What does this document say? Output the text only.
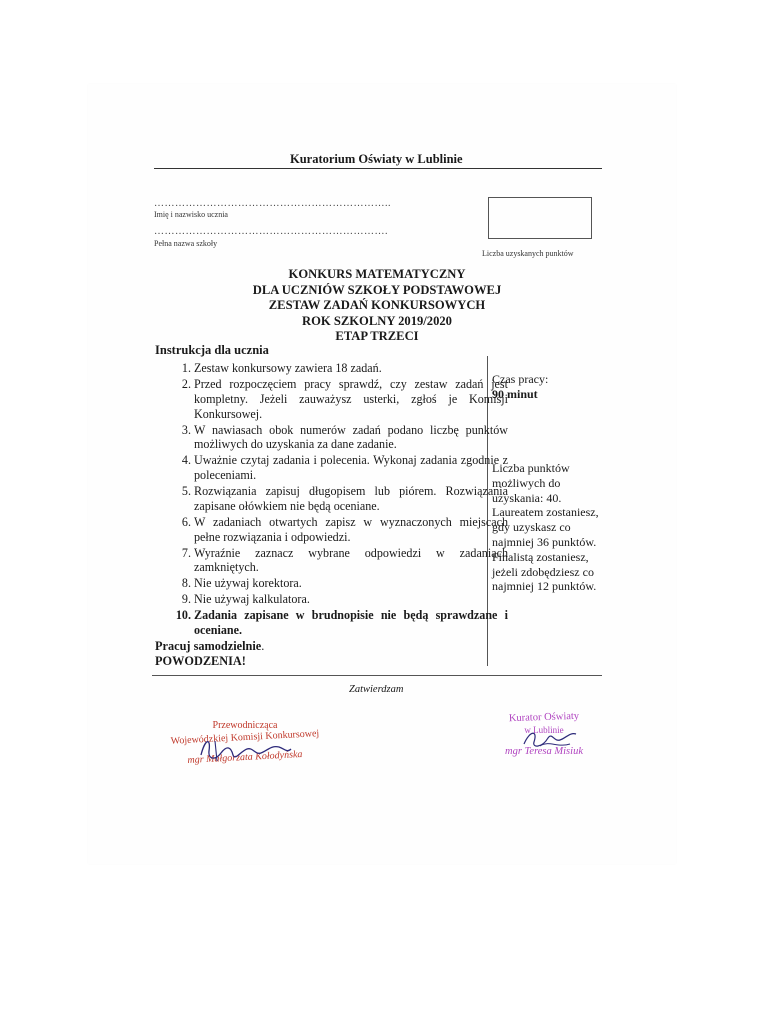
Kuratorium Oświaty w Lublinie
…………………………………………………………..
Imię i nazwisko ucznia
………………………………………………………….
Pełna nazwa szkoły
Liczba uzyskanych punktów
KONKURS MATEMATYCZNY
DLA UCZNIÓW SZKOŁY PODSTAWOWEJ
ZESTAW ZADAŃ KONKURSOWYCH
ROK SZKOLNY 2019/2020
ETAP TRZECI
Instrukcja dla ucznia
1. Zestaw konkursowy zawiera 18 zadań.
2. Przed rozpoczęciem pracy sprawdź, czy zestaw zadań jest kompletny. Jeżeli zauważysz usterki, zgłoś je Komisji Konkursowej.
3. W nawiasach obok numerów zadań podano liczbę punktów możliwych do uzyskania za dane zadanie.
4. Uważnie czytaj zadania i polecenia. Wykonaj zadania zgodnie z poleceniami.
5. Rozwiązania zapisuj długopisem lub piórem. Rozwiązania zapisane ołówkiem nie będą oceniane.
6. W zadaniach otwartych zapisz w wyznaczonych miejscach pełne rozwiązania i odpowiedzi.
7. Wyraźnie zaznacz wybrane odpowiedzi w zadaniach zamkniętych.
8. Nie używaj korektora.
9. Nie używaj kalkulatora.
10. Zadania zapisane w brudnopisie nie będą sprawdzane i oceniane.
Pracuj samodzielnie.
POWODZENIA!
Czas pracy:
90 minut
Liczba punktów możliwych do uzyskania: 40. Laureatem zostaniesz, gdy uzyskasz co najmniej 36 punktów. Finalistą zostaniesz, jeżeli zdobędziesz co najmniej 12 punktów.
Zatwierdzam
Przewodnicząca
Wojewódzkiej Komisji Konkursowej
mgr Małgorzata Kołodyńska
Kurator Oświaty
w Lublinie
mgr Teresa Misiuk
